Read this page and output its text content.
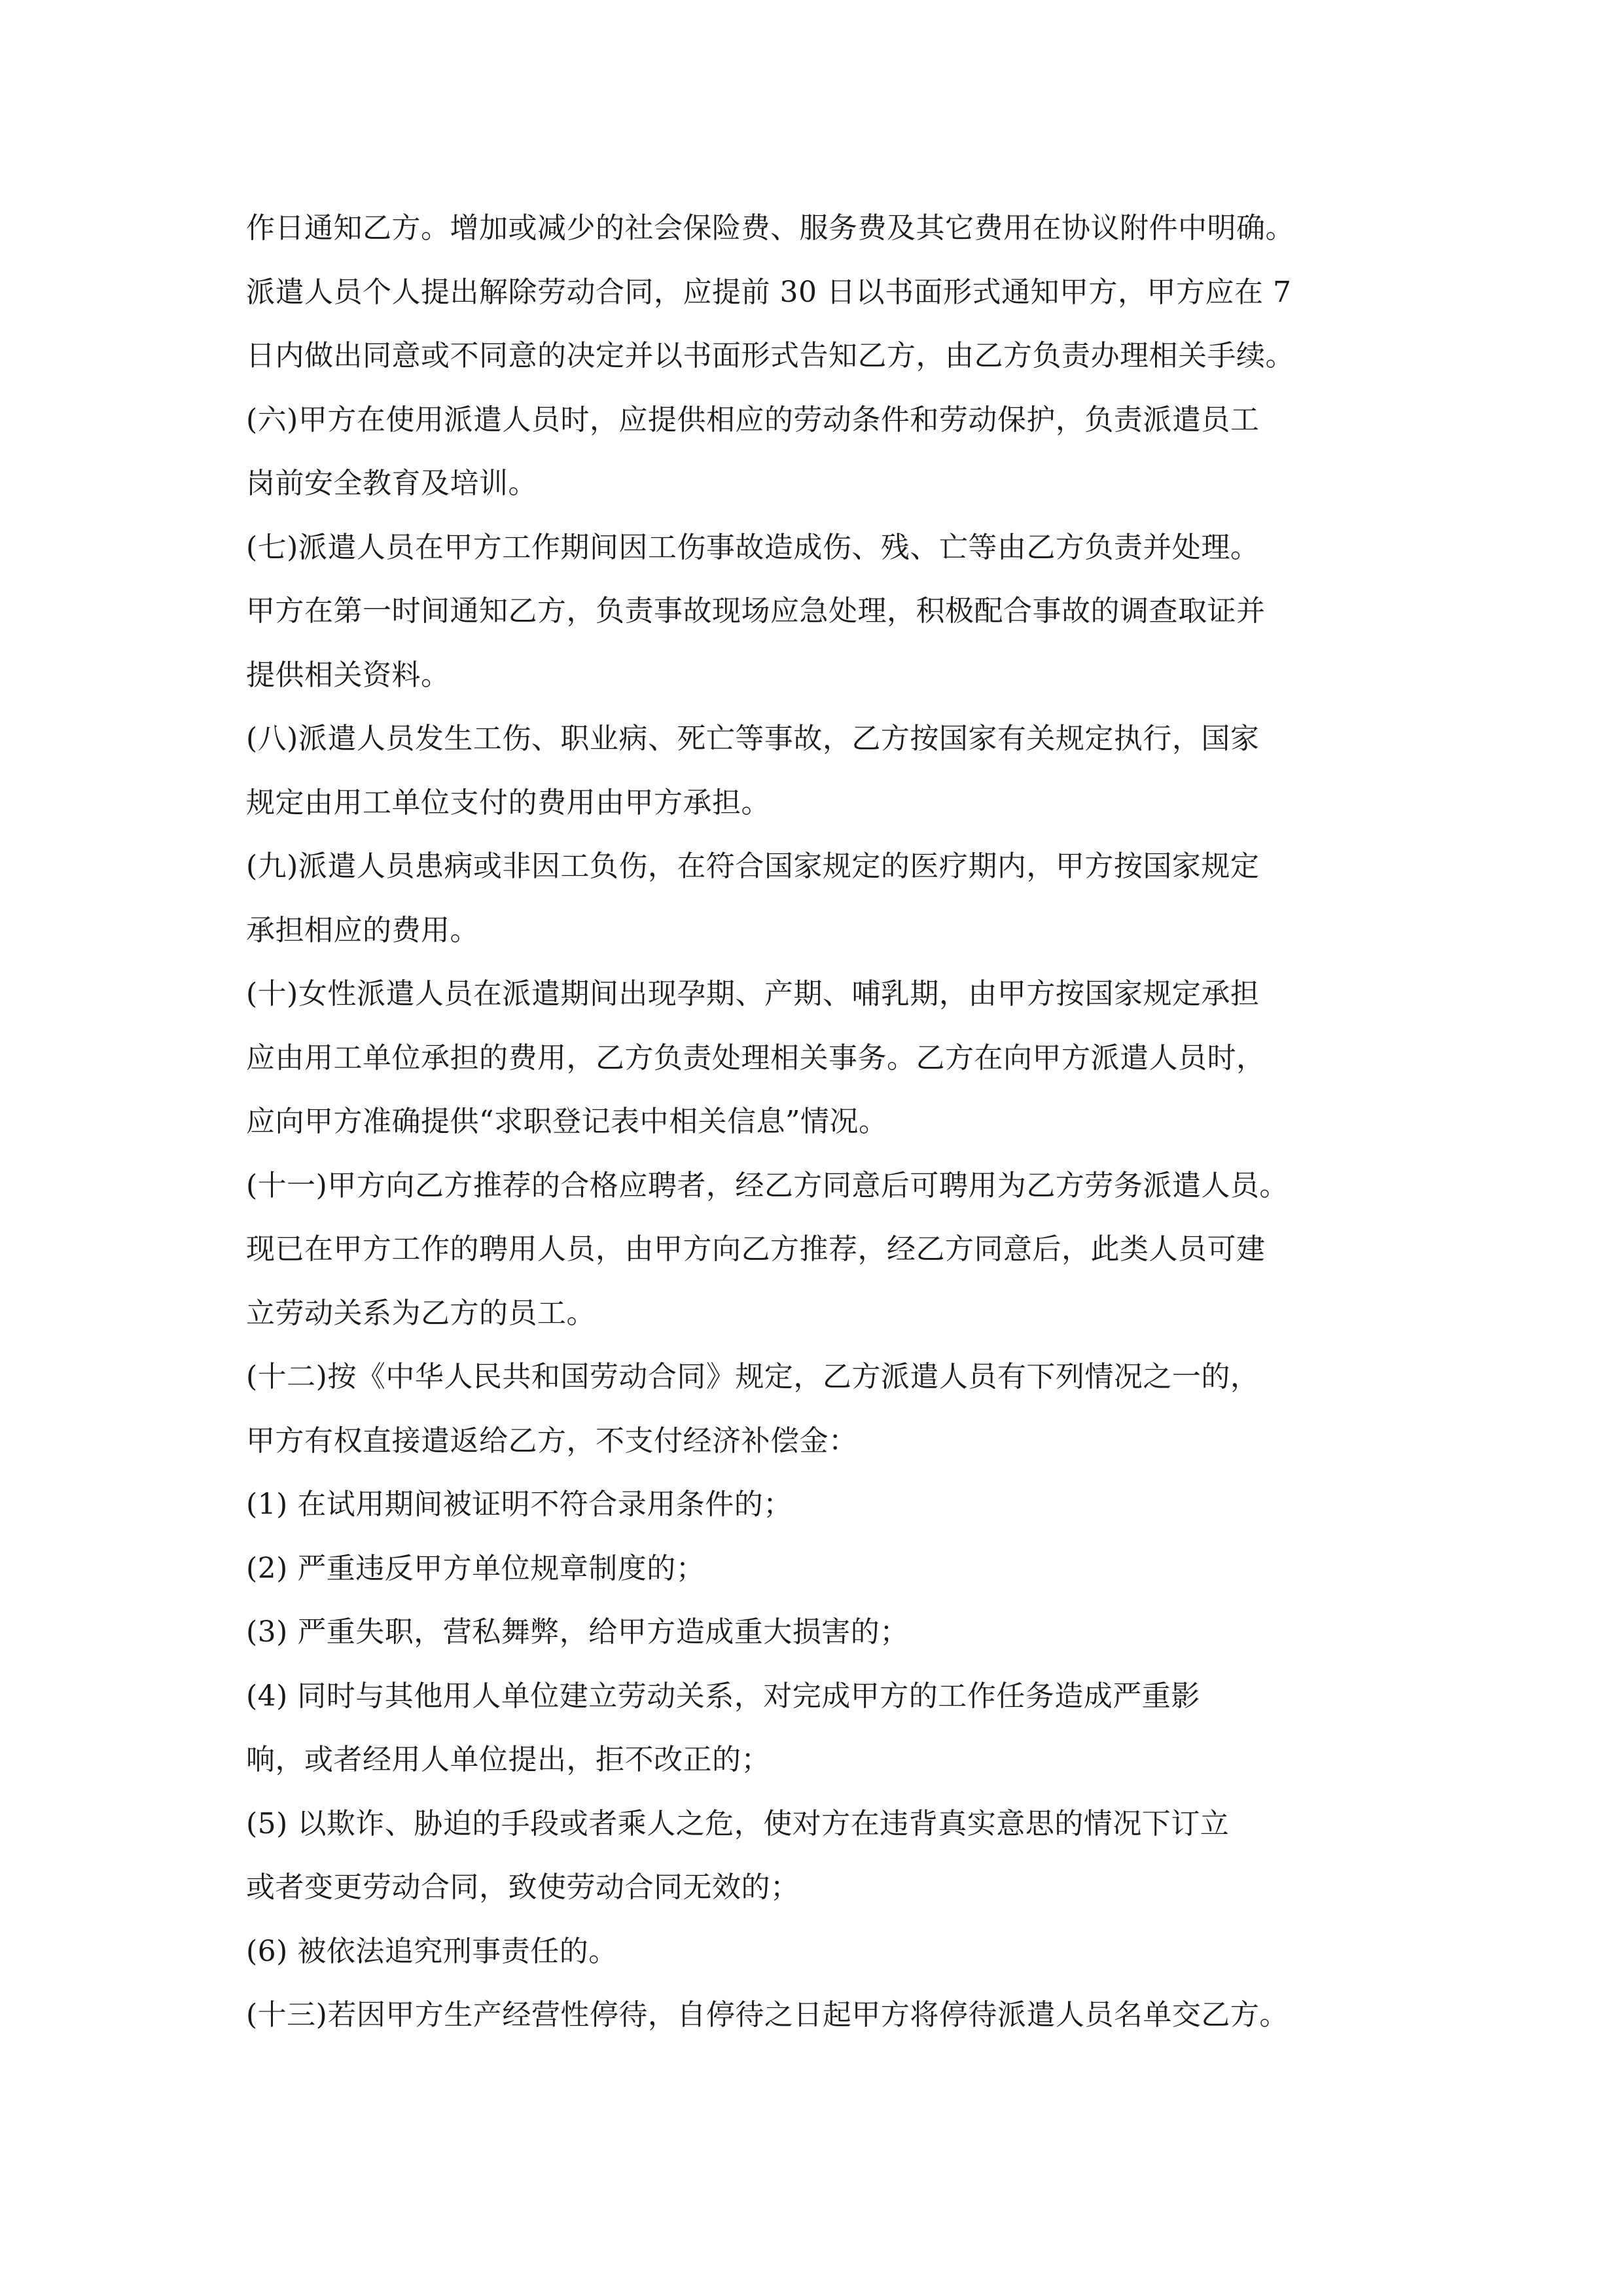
作日通知乙方。增加或减少的社会保险费、服务费及其它费用在协议附件中明确。
派遣人员个人提出解除劳动合同，应提前 30 日以书面形式通知甲方，甲方应在 7
日内做出同意或不同意的决定并以书面形式告知乙方，由乙方负责办理相关手续。
(六)甲方在使用派遣人员时，应提供相应的劳动条件和劳动保护，负责派遣员工
岗前安全教育及培训。
(七)派遣人员在甲方工作期间因工伤事故造成伤、残、亡等由乙方负责并处理。
甲方在第一时间通知乙方，负责事故现场应急处理，积极配合事故的调查取证并
提供相关资料。
(八)派遣人员发生工伤、职业病、死亡等事故，乙方按国家有关规定执行，国家
规定由用工单位支付的费用由甲方承担。
(九)派遣人员患病或非因工负伤，在符合国家规定的医疗期内，甲方按国家规定
承担相应的费用。
(十)女性派遣人员在派遣期间出现孕期、产期、哺乳期，由甲方按国家规定承担
应由用工单位承担的费用，乙方负责处理相关事务。乙方在向甲方派遣人员时，
应向甲方准确提供“求职登记表中相关信息”情况。
(十一)甲方向乙方推荐的合格应聘者，经乙方同意后可聘用为乙方劳务派遣人员。
现已在甲方工作的聘用人员，由甲方向乙方推荐，经乙方同意后，此类人员可建
立劳动关系为乙方的员工。
(十二)按《中华人民共和国劳动合同》规定，乙方派遣人员有下列情况之一的，
甲方有权直接遣返给乙方，不支付经济补偿金：
(1) 在试用期间被证明不符合录用条件的；
(2) 严重违反甲方单位规章制度的；
(3) 严重失职，营私舞弊，给甲方造成重大损害的；
(4) 同时与其他用人单位建立劳动关系，对完成甲方的工作任务造成严重影
响，或者经用人单位提出，拒不改正的；
(5) 以欺诈、胁迫的手段或者乘人之危，使对方在违背真实意思的情况下订立
或者变更劳动合同，致使劳动合同无效的；
(6) 被依法追究刑事责任的。
(十三)若因甲方生产经营性停待，自停待之日起甲方将停待派遣人员名单交乙方。
